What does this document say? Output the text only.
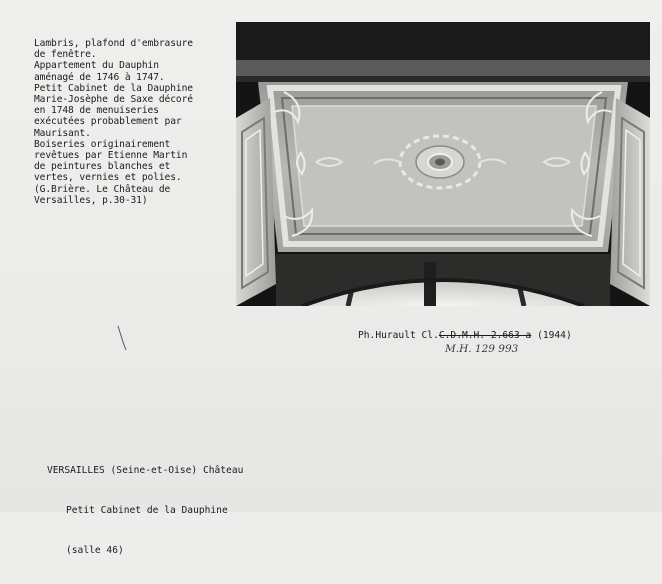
Lambris, plafond d'embrasure
de fenêtre.
Appartement du Dauphin
aménagé de 1746 à 1747.
Petit Cabinet de la Dauphine
Marie-Josèphe de Saxe décoré
en 1748 de menuiseries
exécutées probablement par
Maurisant.
Boiseries originairement
revêtues par Etienne Martin
de peintures blanches et
vertes, vernies et polies.
(G.Brière. Le Château de
Versailles, p.30-31)
Ph.Hurault Cl.C.D.M.H. 2.663 a (1944)
M.H. 129 993

VERSAILLES (Seine-et-Oise) Château

Petit Cabinet de la Dauphine

(salle 46)
